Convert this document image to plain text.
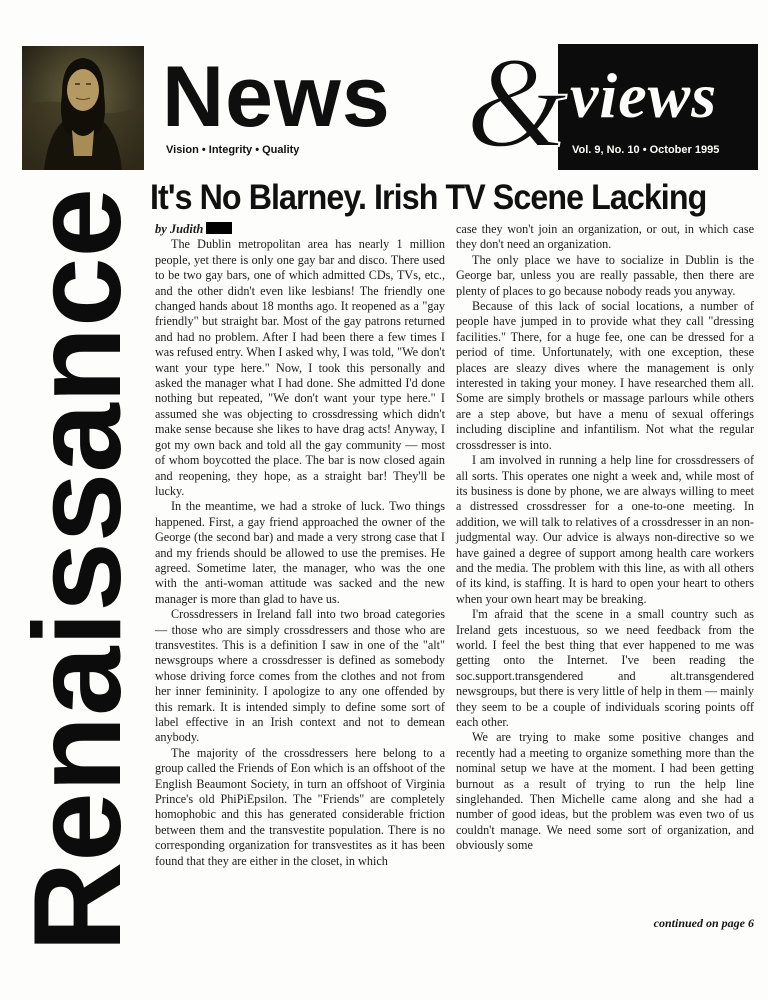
Renaissance
News & views
Vision • Integrity • Quality	Vol. 9, No. 10 • October 1995
It's No Blarney. Irish TV Scene Lacking
by Judith

The Dublin metropolitan area has nearly 1 million people, yet there is only one gay bar and disco. There used to be two gay bars, one of which admitted CDs, TVs, etc., and the other didn't even like lesbians! The friendly one changed hands about 18 months ago. It reopened as a "gay friendly" but straight bar. Most of the gay patrons returned and had no problem. After I had been there a few times I was refused entry. When I asked why, I was told, "We don't want your type here." Now, I took this personally and asked the manager what I had done. She admitted I'd done nothing but repeated, "We don't want your type here." I assumed she was objecting to crossdressing which didn't make sense because she likes to have drag acts! Anyway, I got my own back and told all the gay community — most of whom boycotted the place. The bar is now closed again and reopening, they hope, as a straight bar! They'll be lucky.

In the meantime, we had a stroke of luck. Two things happened. First, a gay friend approached the owner of the George (the second bar) and made a very strong case that I and my friends should be allowed to use the premises. He agreed. Sometime later, the manager, who was the one with the anti-woman attitude was sacked and the new manager is more than glad to have us.

Crossdressers in Ireland fall into two broad categories — those who are simply crossdressers and those who are transvestites. This is a definition I saw in one of the "alt" newsgroups where a crossdresser is defined as somebody whose driving force comes from the clothes and not from her inner femininity. I apologize to any one offended by this remark. It is intended simply to define some sort of label effective in an Irish context and not to demean anybody.

The majority of the crossdressers here belong to a group called the Friends of Eon which is an offshoot of the English Beaumont Society, in turn an offshoot of Virginia Prince's old PhiPiEpsilon. The "Friends" are completely homophobic and this has generated considerable friction between them and the transvestite population. There is no corresponding organization for transvestites as it has been found that they are either in the closet, in which

case they won't join an organization, or out, in which case they don't need an organization.

The only place we have to socialize in Dublin is the George bar, unless you are really passable, then there are plenty of places to go because nobody reads you anyway.

Because of this lack of social locations, a number of people have jumped in to provide what they call "dressing facilities." There, for a huge fee, one can be dressed for a period of time. Unfortunately, with one exception, these places are sleazy dives where the management is only interested in taking your money. I have researched them all. Some are simply brothels or massage parlours while others are a step above, but have a menu of sexual offerings including discipline and infantilism. Not what the regular crossdresser is into.

I am involved in running a help line for crossdressers of all sorts. This operates one night a week and, while most of its business is done by phone, we are always willing to meet a distressed crossdresser for a one-to-one meeting. In addition, we will talk to relatives of a crossdresser in an non-judgmental way. Our advice is always non-directive so we have gained a degree of support among health care workers and the media. The problem with this line, as with all others of its kind, is staffing. It is hard to open your heart to others when your own heart may be breaking.

I'm afraid that the scene in a small country such as Ireland gets incestuous, so we need feedback from the world. I feel the best thing that ever happened to me was getting onto the Internet. I've been reading the soc.support.transgendered and alt.transgendered newsgroups, but there is very little of help in them — mainly they seem to be a couple of individuals scoring points off each other.

We are trying to make some positive changes and recently had a meeting to organize something more than the nominal setup we have at the moment. I had been getting burnout as a result of trying to run the help line singlehanded. Then Michelle came along and she had a number of good ideas, but the problem was even two of us couldn't manage. We need some sort of organization, and obviously some

continued on page 6
